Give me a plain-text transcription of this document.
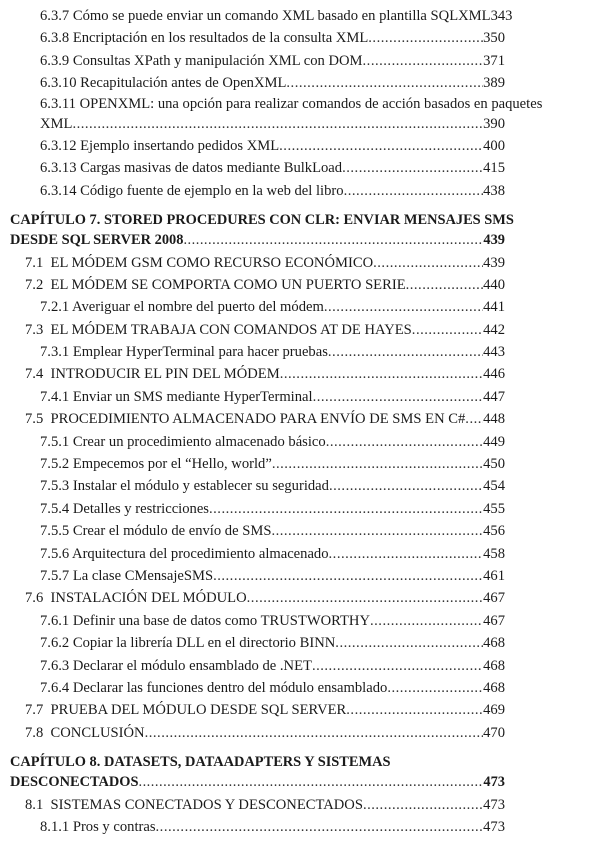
6.3.7 Cómo se puede enviar un comando XML basado en plantilla SQLXML 343
6.3.8 Encriptación en los resultados de la consulta XML .....	350
6.3.9 Consultas XPath y manipulación XML con DOM .....	371
6.3.10 Recapitulación antes de OpenXML .....	389
6.3.11 OPENXML: una opción para realizar comandos de acción basados en paquetes
XML .....	390
6.3.12 Ejemplo insertando pedidos XML .....	400
6.3.13 Cargas masivas de datos mediante BulkLoad .....	415
6.3.14 Código fuente de ejemplo en la web del libro .....	438
CAPÍTULO 7. STORED PROCEDURES CON CLR: ENVIAR MENSAJES SMS
DESDE SQL SERVER 2008 .....	439
7.1  EL MÓDEM GSM COMO RECURSO ECONÓMICO .....	439
7.2  EL MÓDEM SE COMPORTA COMO UN PUERTO SERIE .....	440
7.2.1 Averiguar el nombre del puerto del módem .....	441
7.3  EL MÓDEM TRABAJA CON COMANDOS AT DE HAYES .....	442
7.3.1 Emplear HyperTerminal para hacer pruebas .....	443
7.4  INTRODUCIR EL PIN DEL MÓDEM .....	446
7.4.1 Enviar un SMS mediante HyperTerminal .....	447
7.5  PROCEDIMIENTO ALMACENADO PARA ENVÍO DE SMS EN C# ..... 448
7.5.1 Crear un procedimiento almacenado básico .....	449
7.5.2 Empecemos por el “Hello, world” .....	450
7.5.3 Instalar el módulo y establecer su seguridad .....	454
7.5.4 Detalles y restricciones .....	455
7.5.5 Crear el módulo de envío de SMS .....	456
7.5.6 Arquitectura del procedimiento almacenado .....	458
7.5.7 La clase CMensajeSMS .....	461
7.6  INSTALACIÓN DEL MÓDULO .....	467
7.6.1 Definir una base de datos como TRUSTWORTHY .....	467
7.6.2 Copiar la librería DLL en el directorio BINN .....	468
7.6.3 Declarar el módulo ensamblado de .NET .....	468
7.6.4 Declarar las funciones dentro del módulo ensamblado .....	468
7.7  PRUEBA DEL MÓDULO DESDE SQL SERVER .....	469
7.8  CONCLUSIÓN .....	470
CAPÍTULO 8. DATASETS, DATAADAPTERS Y SISTEMAS
DESCONECTADOS .....	473
8.1  SISTEMAS CONECTADOS Y DESCONECTADOS .....	473
8.1.1 Pros y contras .....	473
